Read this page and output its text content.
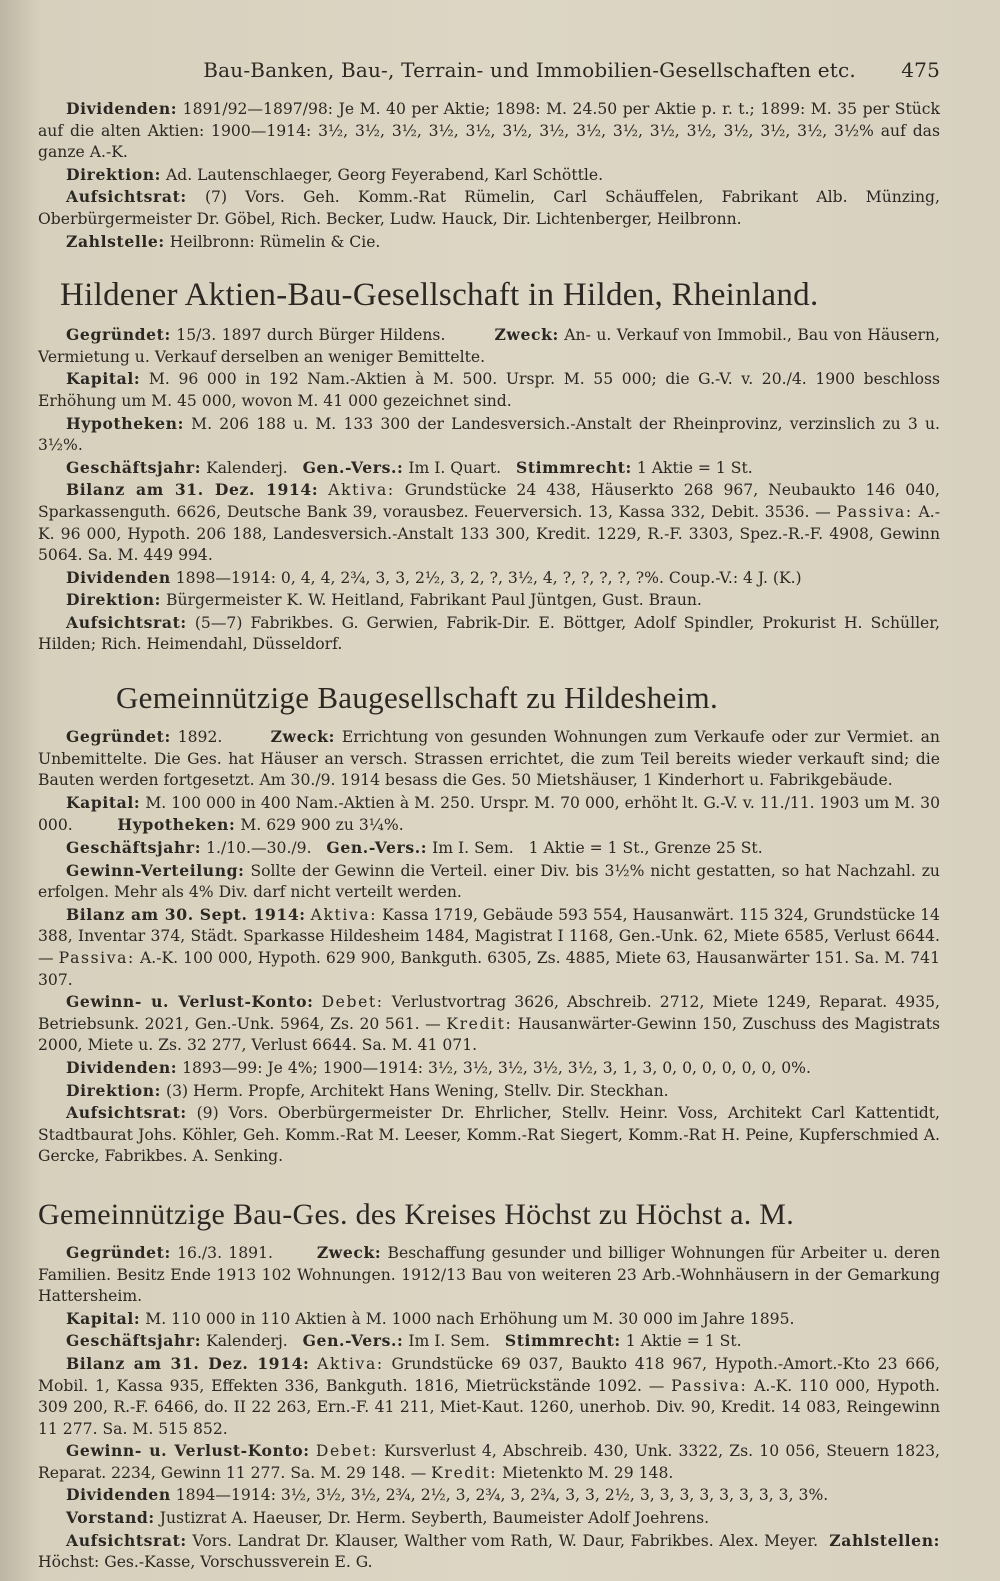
Bau-Banken, Bau-, Terrain- und Immobilien-Gesellschaften etc.	475

Dividenden: 1891/92—1897/98: Je M. 40 per Aktie; 1898: M. 24.50 per Aktie p. r. t.; 1899: M. 35 per Stück auf die alten Aktien: 1900—1914: 3½, 3½, 3½, 3½, 3½, 3½, 3½, 3½, 3½, 3½, 3½, 3½, 3½, 3½, 3½% auf das ganze A.-K.

Direktion: Ad. Lautenschlaeger, Georg Feyerabend, Karl Schöttle.

Aufsichtsrat: (7) Vors. Geh. Komm.-Rat Rümelin, Carl Schäuffelen, Fabrikant Alb. Münzing, Oberbürgermeister Dr. Göbel, Rich. Becker, Ludw. Hauck, Dir. Lichtenberger, Heilbronn.

Zahlstelle: Heilbronn: Rümelin & Cie.

Hildener Aktien-Bau-Gesellschaft in Hilden, Rheinland.

Gegründet: 15/3. 1897 durch Bürger Hildens.	Zweck: An- u. Verkauf von Immobil., Bau von Häusern, Vermietung u. Verkauf derselben an weniger Bemittelte.

Kapital: M. 96 000 in 192 Nam.-Aktien à M. 500. Urspr. M. 55 000; die G.-V. v. 20./4. 1900 beschloss Erhöhung um M. 45 000, wovon M. 41 000 gezeichnet sind.

Hypotheken: M. 206 188 u. M. 133 300 der Landesversich.-Anstalt der Rheinprovinz, verzinslich zu 3 u. 3½%.

Geschäftsjahr: Kalenderj. Gen.-Vers.: Im I. Quart. Stimmrecht: 1 Aktie = 1 St.

Bilanz am 31. Dez. 1914: Aktiva: Grundstücke 24 438, Häuserkto 268 967, Neubaukto 146 040, Sparkassenguth. 6626, Deutsche Bank 39, vorausbez. Feuerversich. 13, Kassa 332, Debit. 3536. — Passiva: A.-K. 96 000, Hypoth. 206 188, Landesversich.-Anstalt 133 300, Kredit. 1229, R.-F. 3303, Spez.-R.-F. 4908, Gewinn 5064. Sa. M. 449 994.

Dividenden 1898—1914: 0, 4, 4, 2¾, 3, 3, 2½, 3, 2, ?, 3½, 4, ?, ?, ?, ?, ?%. Coup.-V.: 4 J. (K.)

Direktion: Bürgermeister K. W. Heitland, Fabrikant Paul Jüntgen, Gust. Braun.

Aufsichtsrat: (5—7) Fabrikbes. G. Gerwien, Fabrik-Dir. E. Böttger, Adolf Spindler, Prokurist H. Schüller, Hilden; Rich. Heimendahl, Düsseldorf.

Gemeinnützige Baugesellschaft zu Hildesheim.

Gegründet: 1892.	Zweck: Errichtung von gesunden Wohnungen zum Verkaufe oder zur Vermiet. an Unbemittelte. Die Ges. hat Häuser an versch. Strassen errichtet, die zum Teil bereits wieder verkauft sind; die Bauten werden fortgesetzt. Am 30./9. 1914 besass die Ges. 50 Mietshäuser, 1 Kinderhort u. Fabrikgebäude.

Kapital: M. 100 000 in 400 Nam.-Aktien à M. 250. Urspr. M. 70 000, erhöht lt. G.-V. v. 11./11. 1903 um M. 30 000.	Hypotheken: M. 629 900 zu 3¼%.

Geschäftsjahr: 1./10.—30./9. Gen.-Vers.: Im I. Sem. 1 Aktie = 1 St., Grenze 25 St.

Gewinn-Verteilung: Sollte der Gewinn die Verteil. einer Div. bis 3½% nicht gestatten, so hat Nachzahl. zu erfolgen. Mehr als 4% Div. darf nicht verteilt werden.

Bilanz am 30. Sept. 1914: Aktiva: Kassa 1719, Gebäude 593 554, Hausanwärt. 115 324, Grundstücke 14 388, Inventar 374, Städt. Sparkasse Hildesheim 1484, Magistrat I 1168, Gen.-Unk. 62, Miete 6585, Verlust 6644. — Passiva: A.-K. 100 000, Hypoth. 629 900, Bankguth. 6305, Zs. 4885, Miete 63, Hausanwärter 151. Sa. M. 741 307.

Gewinn- u. Verlust-Konto: Debet: Verlustvortrag 3626, Abschreib. 2712, Miete 1249, Reparat. 4935, Betriebsunk. 2021, Gen.-Unk. 5964, Zs. 20 561. — Kredit: Hausanwärter-Gewinn 150, Zuschuss des Magistrats 2000, Miete u. Zs. 32 277, Verlust 6644. Sa. M. 41 071.

Dividenden: 1893—99: Je 4%; 1900—1914: 3½, 3½, 3½, 3½, 3½, 3, 1, 3, 0, 0, 0, 0, 0, 0, 0%.

Direktion: (3) Herm. Propfe, Architekt Hans Wening, Stellv. Dir. Steckhan.

Aufsichtsrat: (9) Vors. Oberbürgermeister Dr. Ehrlicher, Stellv. Heinr. Voss, Architekt Carl Kattentidt, Stadtbaurat Johs. Köhler, Geh. Komm.-Rat M. Leeser, Komm.-Rat Siegert, Komm.-Rat H. Peine, Kupferschmied A. Gercke, Fabrikbes. A. Senking.

Gemeinnützige Bau-Ges. des Kreises Höchst zu Höchst a. M.

Gegründet: 16./3. 1891.	Zweck: Beschaffung gesunder und billiger Wohnungen für Arbeiter u. deren Familien. Besitz Ende 1913 102 Wohnungen. 1912/13 Bau von weiteren 23 Arb.-Wohnhäusern in der Gemarkung Hattersheim.

Kapital: M. 110 000 in 110 Aktien à M. 1000 nach Erhöhung um M. 30 000 im Jahre 1895.

Geschäftsjahr: Kalenderj. Gen.-Vers.: Im I. Sem. Stimmrecht: 1 Aktie = 1 St.

Bilanz am 31. Dez. 1914: Aktiva: Grundstücke 69 037, Baukto 418 967, Hypoth.-Amort.-Kto 23 666, Mobil. 1, Kassa 935, Effekten 336, Bankguth. 1816, Mietrückstände 1092. — Passiva: A.-K. 110 000, Hypoth. 309 200, R.-F. 6466, do. II 22 263, Ern.-F. 41 211, Miet-Kaut. 1260, unerhob. Div. 90, Kredit. 14 083, Reingewinn 11 277. Sa. M. 515 852.

Gewinn- u. Verlust-Konto: Debet: Kursverlust 4, Abschreib. 430, Unk. 3322, Zs. 10 056, Steuern 1823, Reparat. 2234, Gewinn 11 277. Sa. M. 29 148. — Kredit: Mietenkto M. 29 148.

Dividenden 1894—1914: 3½, 3½, 3½, 2¾, 2½, 3, 2¾, 3, 2¾, 3, 3, 2½, 3, 3, 3, 3, 3, 3, 3, 3, 3%.

Vorstand: Justizrat A. Haeuser, Dr. Herm. Seyberth, Baumeister Adolf Joehrens.

Aufsichtsrat: Vors. Landrat Dr. Klauser, Walther vom Rath, W. Daur, Fabrikbes. Alex. Meyer. Zahlstellen: Höchst: Ges.-Kasse, Vorschussverein E. G.
